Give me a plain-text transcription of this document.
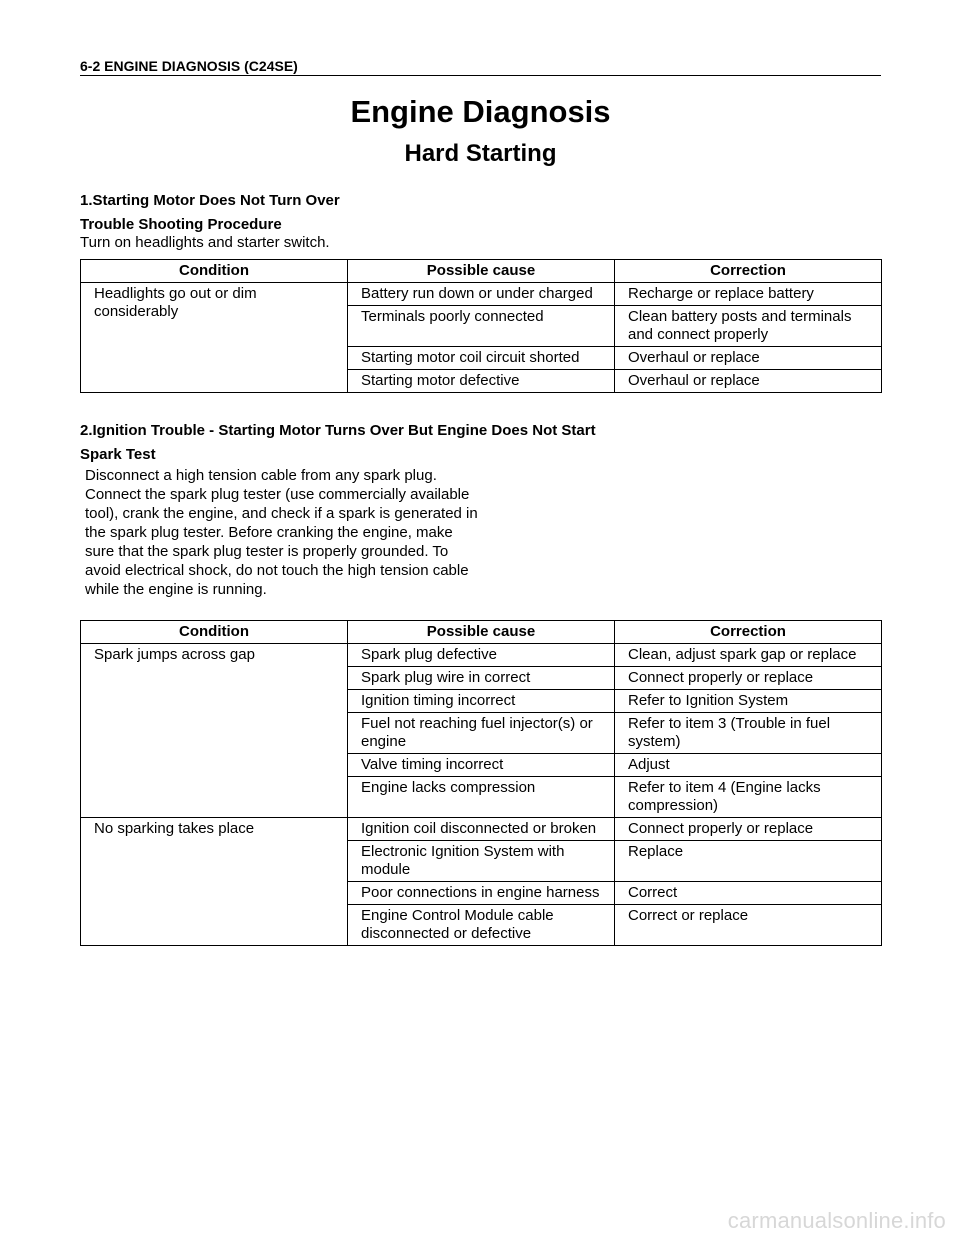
6-2 ENGINE DIAGNOSIS (C24SE)
Engine Diagnosis
Hard Starting
1.Starting Motor Does Not Turn Over
Trouble Shooting Procedure
Turn on headlights and starter switch.
Condition	Possible cause	Correction
Headlights go out or dim considerably	Battery run down or under charged	Recharge or replace battery
	Terminals poorly connected	Clean battery posts and terminals and connect properly
	Starting motor coil circuit shorted	Overhaul or replace
	Starting motor defective	Overhaul or replace
2.Ignition Trouble - Starting Motor Turns Over But Engine Does Not Start
Spark Test

Disconnect a high tension cable from any spark plug. Connect the spark plug tester (use commercially available tool), crank the engine, and check if a spark is generated in the spark plug tester. Before cranking the engine, make sure that the spark plug tester is properly grounded. To avoid electrical shock, do not touch the high tension cable while the engine is running.

Condition	Possible cause	Correction
Spark jumps across gap	Spark plug defective	Clean, adjust spark gap or replace
	Spark plug wire in correct	Connect properly or replace
	Ignition timing incorrect	Refer to Ignition System
	Fuel not reaching fuel injector(s) or engine	Refer to item 3 (Trouble in fuel system)
	Valve timing incorrect	Adjust
	Engine lacks compression	Refer to item 4 (Engine lacks compression)
No sparking takes place	Ignition coil disconnected or broken	Connect properly or replace
	Electronic Ignition System with module	Replace
	Poor connections in engine harness	Correct
	Engine Control Module cable disconnected or defective	Correct or replace
carmanualsonline.info
